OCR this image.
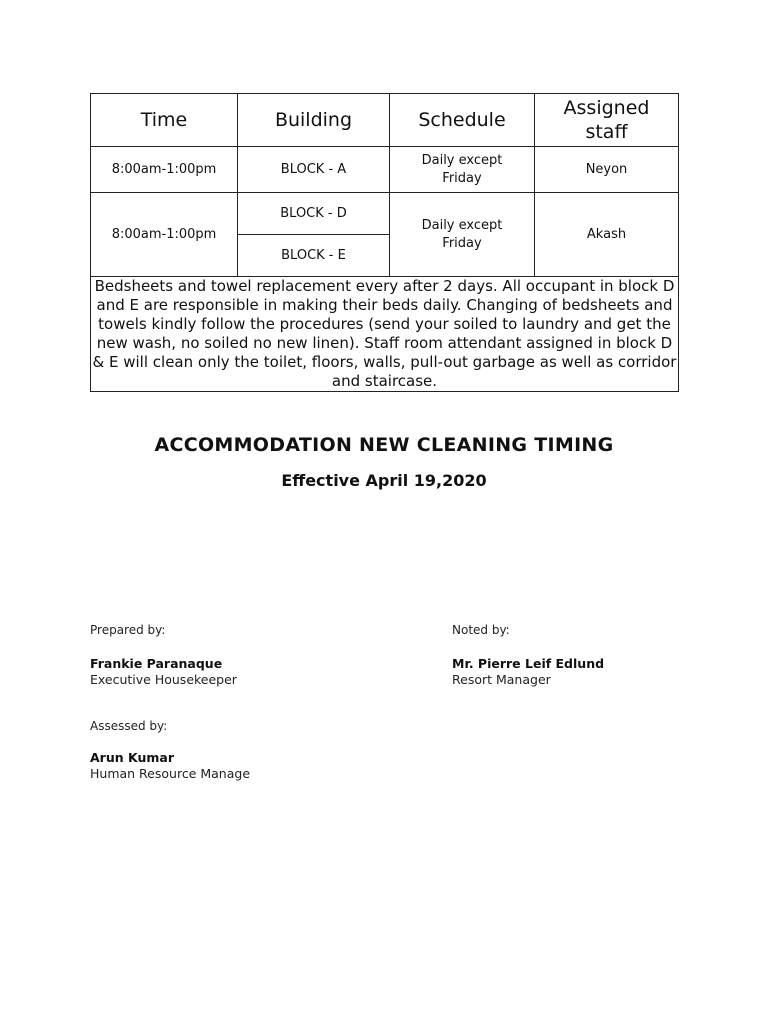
Time	Building	Schedule	Assigned staff
8:00am-1:00pm	BLOCK - A	Daily except Friday	Neyon
8:00am-1:00pm	BLOCK - D	Daily except Friday	Akash
	BLOCK - E		
Bedsheets and towel replacement every after 2 days. All occupant in block D and E are responsible in making their beds daily. Changing of bedsheets and towels kindly follow the procedures (send your soiled to laundry and get the new wash, no soiled no new linen). Staff room attendant assigned in block D & E will clean only the toilet, floors, walls, pull-out garbage as well as corridor and staircase.			
ACCOMMODATION NEW CLEANING TIMING
Effective April 19,2020
Prepared by:
Frankie Paranaque
Executive Housekeeper
Noted by:
Mr. Pierre Leif Edlund
Resort Manager
Assessed by:
Arun Kumar
Human Resource Manage
